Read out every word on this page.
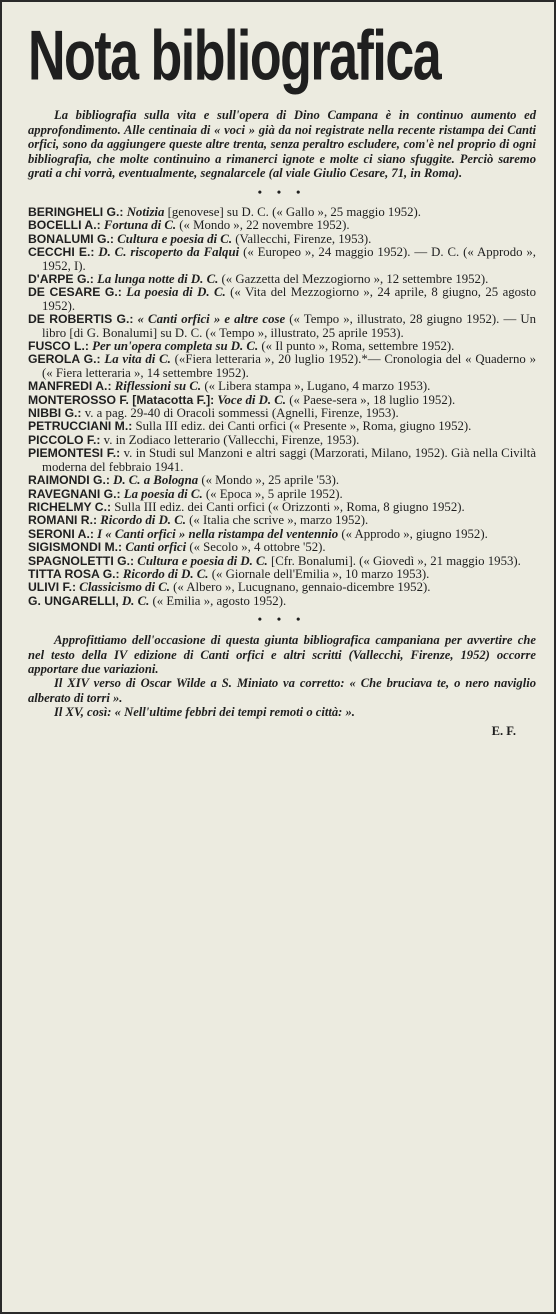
Nota bibliografica

La bibliografia sulla vita e sull'opera di Dino Campana è in continuo aumento ed approfondimento. Alle centinaia di « voci » già da noi registrate nella recente ristampa dei Canti orfici, sono da aggiungere queste altre trenta, senza peraltro escludere, com'è nel proprio di ogni bibliografia, che molte continuino a rimanerci ignote e molte ci siano sfuggite. Perciò saremo grati a chi vorrà, eventualmente, segnalarcele (al viale Giulio Cesare, 71, in Roma).

• • •
BERINGHELI G.: Notizia [genovese] su D. C. (« Gallo », 25 maggio 1952).
BOCELLI A.: Fortuna di C. (« Mondo », 22 novembre 1952).
BONALUMI G.: Cultura e poesia di C. (Vallecchi, Firenze, 1953).
CECCHI E.: D. C. riscoperto da Falqui (« Europeo », 24 maggio 1952). — D. C. (« Approdo », 1952, I).
D'ARPE G.: La lunga notte di D. C. (« Gazzetta del Mezzogiorno », 12 settembre 1952).
DE CESARE G.: La poesia di D. C. (« Vita del Mezzogiorno », 24 aprile, 8 giugno, 25 agosto 1952).
DE ROBERTIS G.: « Canti orfici » e altre cose (« Tempo », illustrato, 28 giugno 1952). — Un libro [di G. Bonalumi] su D. C. (« Tempo », illustrato, 25 aprile 1953).
FUSCO L.: Per un'opera completa su D. C. (« Il punto », Roma, settembre 1952).
GEROLA G.: La vita di C. («Fiera letteraria », 20 luglio 1952).*— Cronologia del « Quaderno » (« Fiera letteraria », 14 settembre 1952).
MANFREDI A.: Riflessioni su C. (« Libera stampa », Lugano, 4 marzo 1953).
MONTEROSSO F. [Matacotta F.]: Voce di D. C. (« Paese-sera », 18 luglio 1952).
NIBBI G.: v. a pag. 29-40 di Oracoli sommessi (Agnelli, Firenze, 1953).
PETRUCCIANI M.: Sulla III ediz. dei Canti orfici (« Presente », Roma, giugno 1952).
PICCOLO F.: v. in Zodiaco letterario (Vallecchi, Firenze, 1953).
PIEMONTESI F.: v. in Studi sul Manzoni e altri saggi (Marzorati, Milano, 1952). Già nella Civiltà moderna del febbraio 1941.
RAIMONDI G.: D. C. a Bologna (« Mondo », 25 aprile '53).
RAVEGNANI G.: La poesia di C. (« Epoca », 5 aprile 1952).
RICHELMY C.: Sulla III ediz. dei Canti orfici (« Orizzonti », Roma, 8 giugno 1952).
ROMANI R.: Ricordo di D. C. (« Italia che scrive », marzo 1952).
SERONI A.: I « Canti orfici » nella ristampa del ventennio (« Approdo », giugno 1952).
SIGISMONDI M.: Canti orfici (« Secolo », 4 ottobre '52).
SPAGNOLETTI G.: Cultura e poesia di D. C. [Cfr. Bonalumi]. (« Giovedì », 21 maggio 1953).
TITTA ROSA G.: Ricordo di D. C. (« Giornale dell'Emilia », 10 marzo 1953).
ULIVI F.: Classicismo di C. (« Albero », Lucugnano, gennaio-dicembre 1952).
G. UNGARELLI, D. C. (« Emilia », agosto 1952).
• • •

Approfittiamo dell'occasione di questa giunta bibliografica campaniana per avvertire che nel testo della IV edizione di Canti orfici e altri scritti (Vallecchi, Firenze, 1952) occorre apportare due variazioni.

Il XIV verso di Oscar Wilde a S. Miniato va corretto: « Che bruciava te, o nero naviglio alberato di torri ».

Il XV, così: « Nell'ultime febbri dei tempi remoti o città: ».

E. F.
